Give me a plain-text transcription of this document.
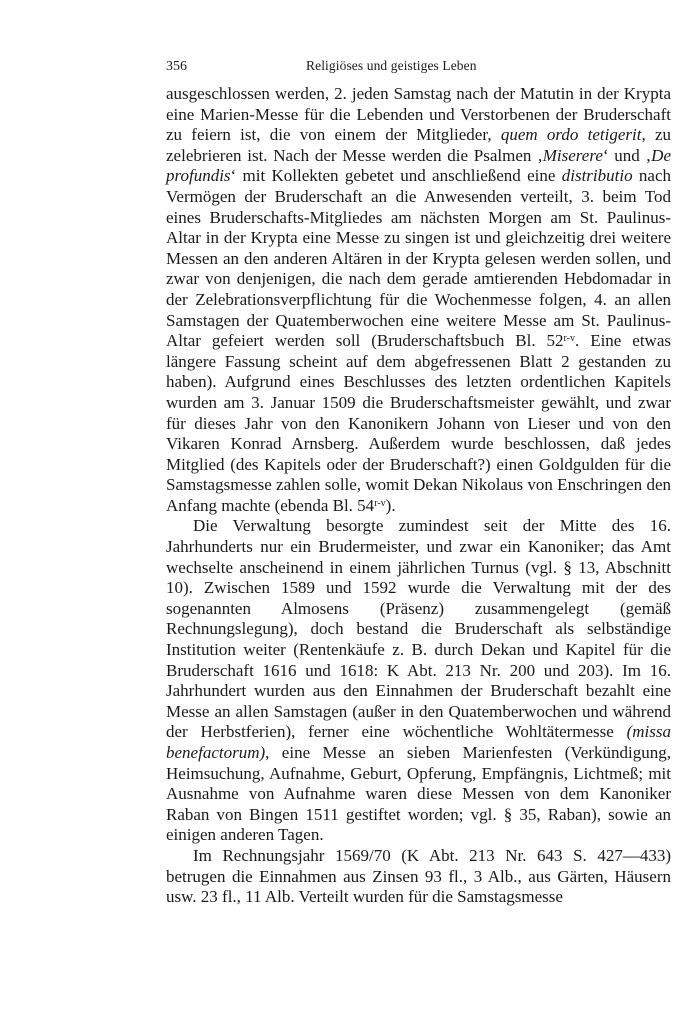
356	Religiöses und geistiges Leben

ausgeschlossen werden, 2. jeden Samstag nach der Matutin in der Krypta eine Marien-Messe für die Lebenden und Verstorbenen der Bruderschaft zu feiern ist, die von einem der Mitglieder, quem ordo tetigerit, zu zelebrieren ist. Nach der Messe werden die Psalmen ‚Miserere‘ und ‚De profundis‘ mit Kollekten gebetet und anschließend eine distributio nach Vermögen der Bruderschaft an die Anwesenden verteilt, 3. beim Tod eines Bruderschafts-Mitgliedes am nächsten Morgen am St. Paulinus-Altar in der Krypta eine Messe zu singen ist und gleichzeitig drei weitere Messen an den anderen Altären in der Krypta gelesen werden sollen, und zwar von denjenigen, die nach dem gerade amtierenden Hebdomadar in der Zelebrationsverpflichtung für die Wochenmesse folgen, 4. an allen Samstagen der Quatemberwochen eine weitere Messe am St. Paulinus-Altar gefeiert werden soll (Bruderschaftsbuch Bl. 52$^{r-v}$. Eine etwas längere Fassung scheint auf dem abgefressenen Blatt 2 gestanden zu haben). Aufgrund eines Beschlusses des letzten ordentlichen Kapitels wurden am 3. Januar 1509 die Bruderschaftsmeister gewählt, und zwar für dieses Jahr von den Kanonikern Johann von Lieser und von den Vikaren Konrad Arnsberg. Außerdem wurde beschlossen, daß jedes Mitglied (des Kapitels oder der Bruderschaft?) einen Goldgulden für die Samstagsmesse zahlen solle, womit Dekan Nikolaus von Enschringen den Anfang machte (ebenda Bl. 54$^{r-v}$).

Die Verwaltung besorgte zumindest seit der Mitte des 16. Jahrhunderts nur ein Brudermeister, und zwar ein Kanoniker; das Amt wechselte anscheinend in einem jährlichen Turnus (vgl. § 13, Abschnitt 10). Zwischen 1589 und 1592 wurde die Verwaltung mit der des sogenannten Almosens (Präsenz) zusammengelegt (gemäß Rechnungslegung), doch bestand die Bruderschaft als selbständige Institution weiter (Rentenkäufe z. B. durch Dekan und Kapitel für die Bruderschaft 1616 und 1618: K Abt. 213 Nr. 200 und 203). Im 16. Jahrhundert wurden aus den Einnahmen der Bruderschaft bezahlt eine Messe an allen Samstagen (außer in den Quatemberwochen und während der Herbstferien), ferner eine wöchentliche Wohltätermesse (missa benefactorum), eine Messe an sieben Marienfesten (Verkündigung, Heimsuchung, Aufnahme, Geburt, Opferung, Empfängnis, Lichtmeß; mit Ausnahme von Aufnahme waren diese Messen von dem Kanoniker Raban von Bingen 1511 gestiftet worden; vgl. § 35, Raban), sowie an einigen anderen Tagen.

Im Rechnungsjahr 1569/70 (K Abt. 213 Nr. 643 S. 427—433) betrugen die Einnahmen aus Zinsen 93 fl., 3 Alb., aus Gärten, Häusern usw. 23 fl., 11 Alb. Verteilt wurden für die Samstagsmesse
